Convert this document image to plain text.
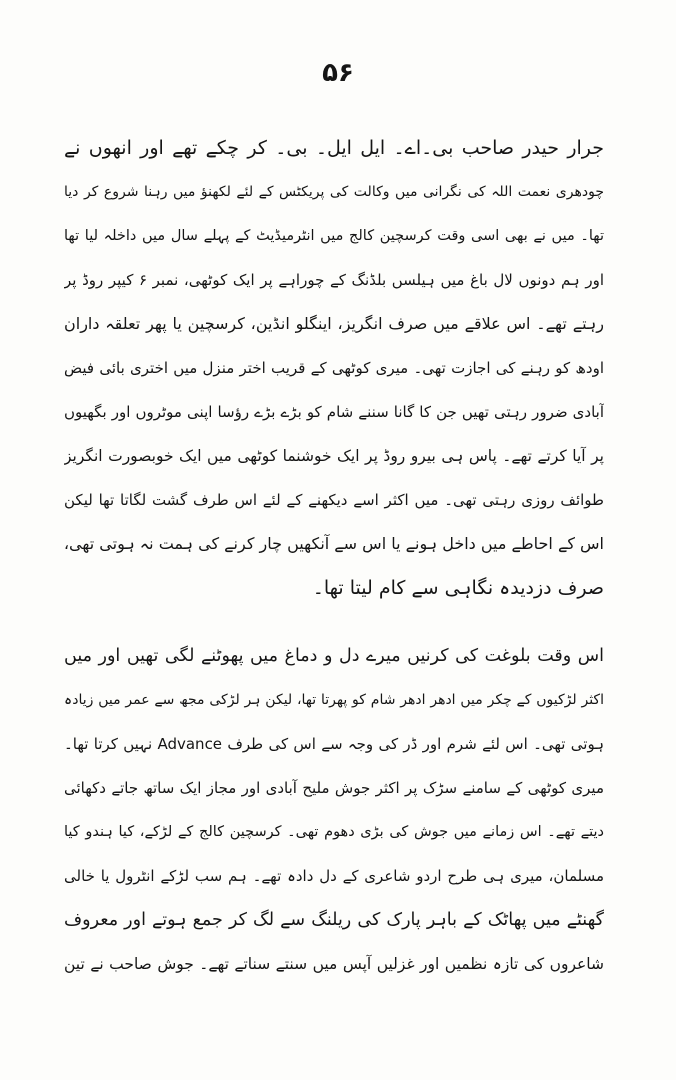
۵۶
جرار حیدر صاحب بی۔اے۔ ایل ایل۔ بی۔ کر چکے تھے اور انھوں نے
چودھری نعمت اللہ کی نگرانی میں وکالت کی پریکٹس کے لئے لکھنؤ میں رہنا شروع کر دیا
تھا۔ میں نے بھی اسی وقت کرسچین کالج میں انٹرمیڈیٹ کے پہلے سال میں داخلہ لیا تھا
اور ہم دونوں لال باغ میں ہیلسں بلڈنگ کے چوراہے پر ایک کوٹھی، نمبر ۶ کیپر روڈ پر
رہتے تھے۔ اس علاقے میں صرف انگریز، اینگلو انڈین، کرسچین یا پھر تعلقہ داران
اودھ کو رہنے کی اجازت تھی۔ میری کوٹھی کے قریب اختر منزل میں اختری بائی فیض
آبادی ضرور رہتی تھیں جن کا گانا سننے شام کو بڑے بڑے رؤسا اپنی موٹروں اور بگھیوں
پر آیا کرتے تھے۔ پاس ہی بیرو روڈ پر ایک خوشنما کوٹھی میں ایک خوبصورت انگریز
طوائف روزی رہتی تھی۔ میں اکثر اسے دیکھنے کے لئے اس طرف گشت لگاتا تھا لیکن
اس کے احاطے میں داخل ہونے یا اس سے آنکھیں چار کرنے کی ہمت نہ ہوتی تھی،
صرف دزدیدہ نگاہی سے کام لیتا تھا۔
اس وقت بلوغت کی کرنیں میرے دل و دماغ میں پھوٹنے لگی تھیں اور میں
اکثر لڑکیوں کے چکر میں ادھر ادھر شام کو پھرتا تھا، لیکن ہر لڑکی مجھ سے عمر میں زیادہ
ہوتی تھی۔ اس لئے شرم اور ڈر کی وجہ سے اس کی طرف Advance نہیں کرتا تھا۔
میری کوٹھی کے سامنے سڑک پر اکثر جوش ملیح آبادی اور مجاز ایک ساتھ جاتے دکھائی
دیتے تھے۔ اس زمانے میں جوش کی بڑی دھوم تھی۔ کرسچین کالج کے لڑکے، کیا ہندو کیا
مسلمان، میری ہی طرح اردو شاعری کے دل دادہ تھے۔ ہم سب لڑکے انٹرول یا خالی
گھنٹے میں پھاٹک کے باہر پارک کی ریلنگ سے لگ کر جمع ہوتے اور معروف
شاعروں کی تازہ نظمیں اور غزلیں آپس میں سنتے سناتے تھے۔ جوش صاحب نے تین
